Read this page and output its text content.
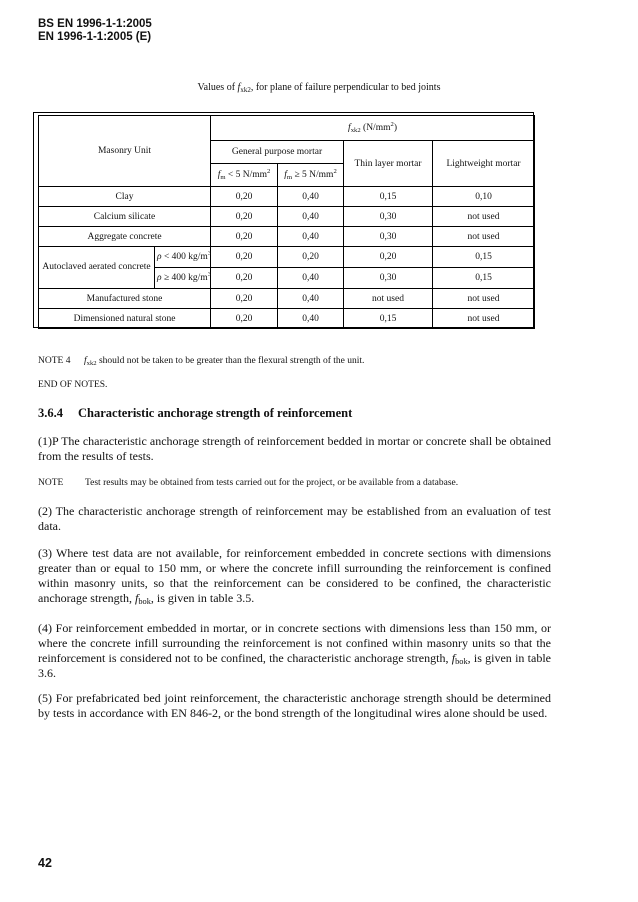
BS EN 1996-1-1:2005
EN 1996-1-1:2005 (E)
Values of $f_{xk2}$, for plane of failure perpendicular to bed joints
Masonry Unit		$f_{xk2}$ $(N/mm^2)$			
		General purpose mortar		Thin layer mortar	Lightweight mortar
		$f_m < 5$ $N/mm^2$	$f_m \ge 5$ $N/mm^2$
Clay		0,20	0,40	0,15	0,10
Calcium silicate		0,20	0,40	0,30	not used
Aggregate concrete		0,20	0,40	0,30	not used
Autoclaved aerated concrete	ρ < 400 $kg/m^3$	0,20	0,20	0,20	0,15
	ρ ≥ 400 $kg/m^3$	0,20	0,40	0,30	0,15
Manufactured stone		0,20	0,40	not used	not used
Dimensioned natural stone		0,20	0,40	0,15	not used
NOTE 4 $f_{xk2}$ should not be taken to be greater than the flexural strength of the unit.
END OF NOTES.
3.6.4 Characteristic anchorage strength of reinforcement
(1)P The characteristic anchorage strength of reinforcement bedded in mortar or concrete shall be obtained from the results of tests.
NOTE Test results may be obtained from tests carried out for the project, or be available from a database.
(2) The characteristic anchorage strength of reinforcement may be established from an evaluation of test data.
(3) Where test data are not available, for reinforcement embedded in concrete sections with dimensions greater than or equal to 150 mm, or where the concrete infill surrounding the reinforcement is confined within masonry units, so that the reinforcement can be considered to be confined, the characteristic anchorage strength, $f_{bok}$, is given in table 3.5.
(4) For reinforcement embedded in mortar, or in concrete sections with dimensions less than 150 mm, or where the concrete infill surrounding the reinforcement is not confined within masonry units so that the reinforcement is considered not to be confined, the characteristic anchorage strength, $f_{bok}$, is given in table 3.6.
(5) For prefabricated bed joint reinforcement, the characteristic anchorage strength should be determined by tests in accordance with EN 846-2, or the bond strength of the longitudinal wires alone should be used.
42
